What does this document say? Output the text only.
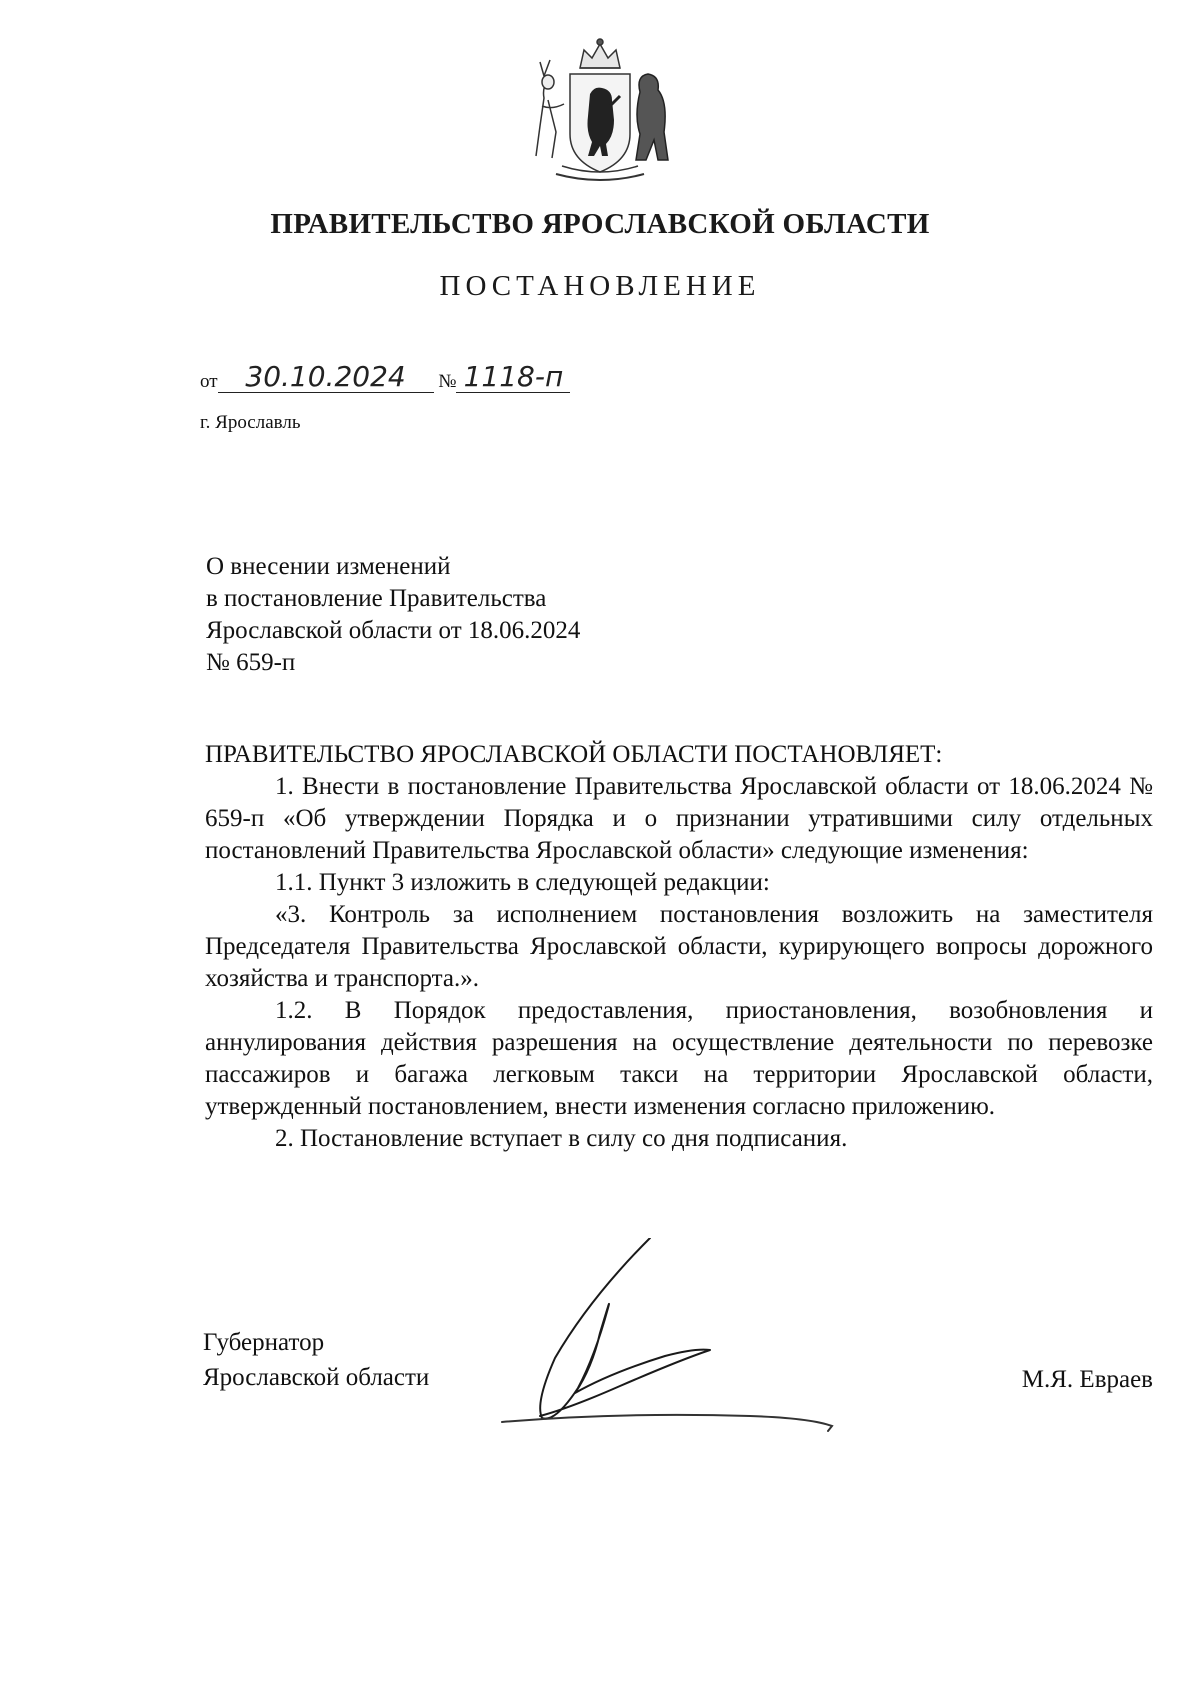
ПРАВИТЕЛЬСТВО ЯРОСЛАВСКОЙ ОБЛАСТИ
ПОСТАНОВЛЕНИЕ
от 30.10.2024 № 1118-п
г. Ярославль
О внесении изменений
в постановление Правительства
Ярославской области от 18.06.2024
№ 659-п

ПРАВИТЕЛЬСТВО ЯРОСЛАВСКОЙ ОБЛАСТИ ПОСТАНОВЛЯЕТ:

1. Внести в постановление Правительства Ярославской области от 18.06.2024 № 659-п «Об утверждении Порядка и о признании утратившими силу отдельных постановлений Правительства Ярославской области» следующие изменения:

1.1. Пункт 3 изложить в следующей редакции:

«3. Контроль за исполнением постановления возложить на заместителя Председателя Правительства Ярославской области, курирующего вопросы дорожного хозяйства и транспорта.».

1.2. В Порядок предоставления, приостановления, возобновления и аннулирования действия разрешения на осуществление деятельности по перевозке пассажиров и багажа легковым такси на территории Ярославской области, утвержденный постановлением, внести изменения согласно приложению.

2. Постановление вступает в силу со дня подписания.

Губернатор
Ярославской области	М.Я. Евраев
